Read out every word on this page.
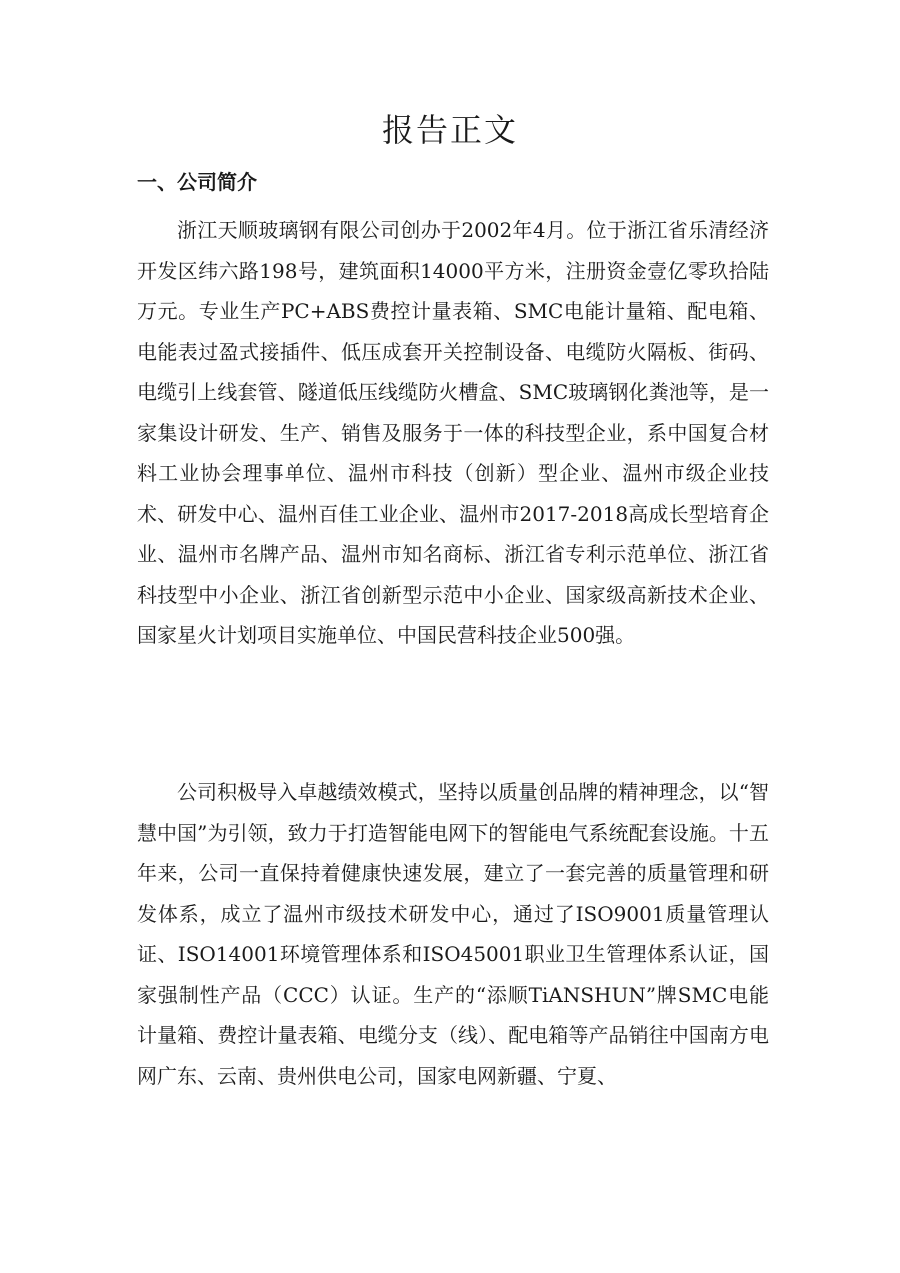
报告正文
一、公司简介

浙江天顺玻璃钢有限公司创办于2002年4月。位于浙江省乐清经济开发区纬六路198号，建筑面积14000平方米，注册资金壹亿零玖拾陆万元。专业生产PC+ABS费控计量表箱、SMC电能计量箱、配电箱、电能表过盈式接插件、低压成套开关控制设备、电缆防火隔板、街码、电缆引上线套管、隧道低压线缆防火槽盒、SMC玻璃钢化粪池等，是一家集设计研发、生产、销售及服务于一体的科技型企业，系中国复合材料工业协会理事单位、温州市科技（创新）型企业、温州市级企业技术、研发中心、温州百佳工业企业、温州市2017-2018高成长型培育企业、温州市名牌产品、温州市知名商标、浙江省专利示范单位、浙江省科技型中小企业、浙江省创新型示范中小企业、国家级高新技术企业、国家星火计划项目实施单位、中国民营科技企业500强。

公司积极导入卓越绩效模式，坚持以质量创品牌的精神理念，以“智慧中国”为引领，致力于打造智能电网下的智能电气系统配套设施。十五年来，公司一直保持着健康快速发展，建立了一套完善的质量管理和研发体系，成立了温州市级技术研发中心，通过了ISO9001质量管理认证、ISO14001环境管理体系和ISO45001职业卫生管理体系认证，国家强制性产品（CCC）认证。生产的“添顺TiANSHUN”牌SMC电能计量箱、费控计量表箱、电缆分支（线）、配电箱等产品销往中国南方电网广东、云南、贵州供电公司，国家电网新疆、宁夏、
